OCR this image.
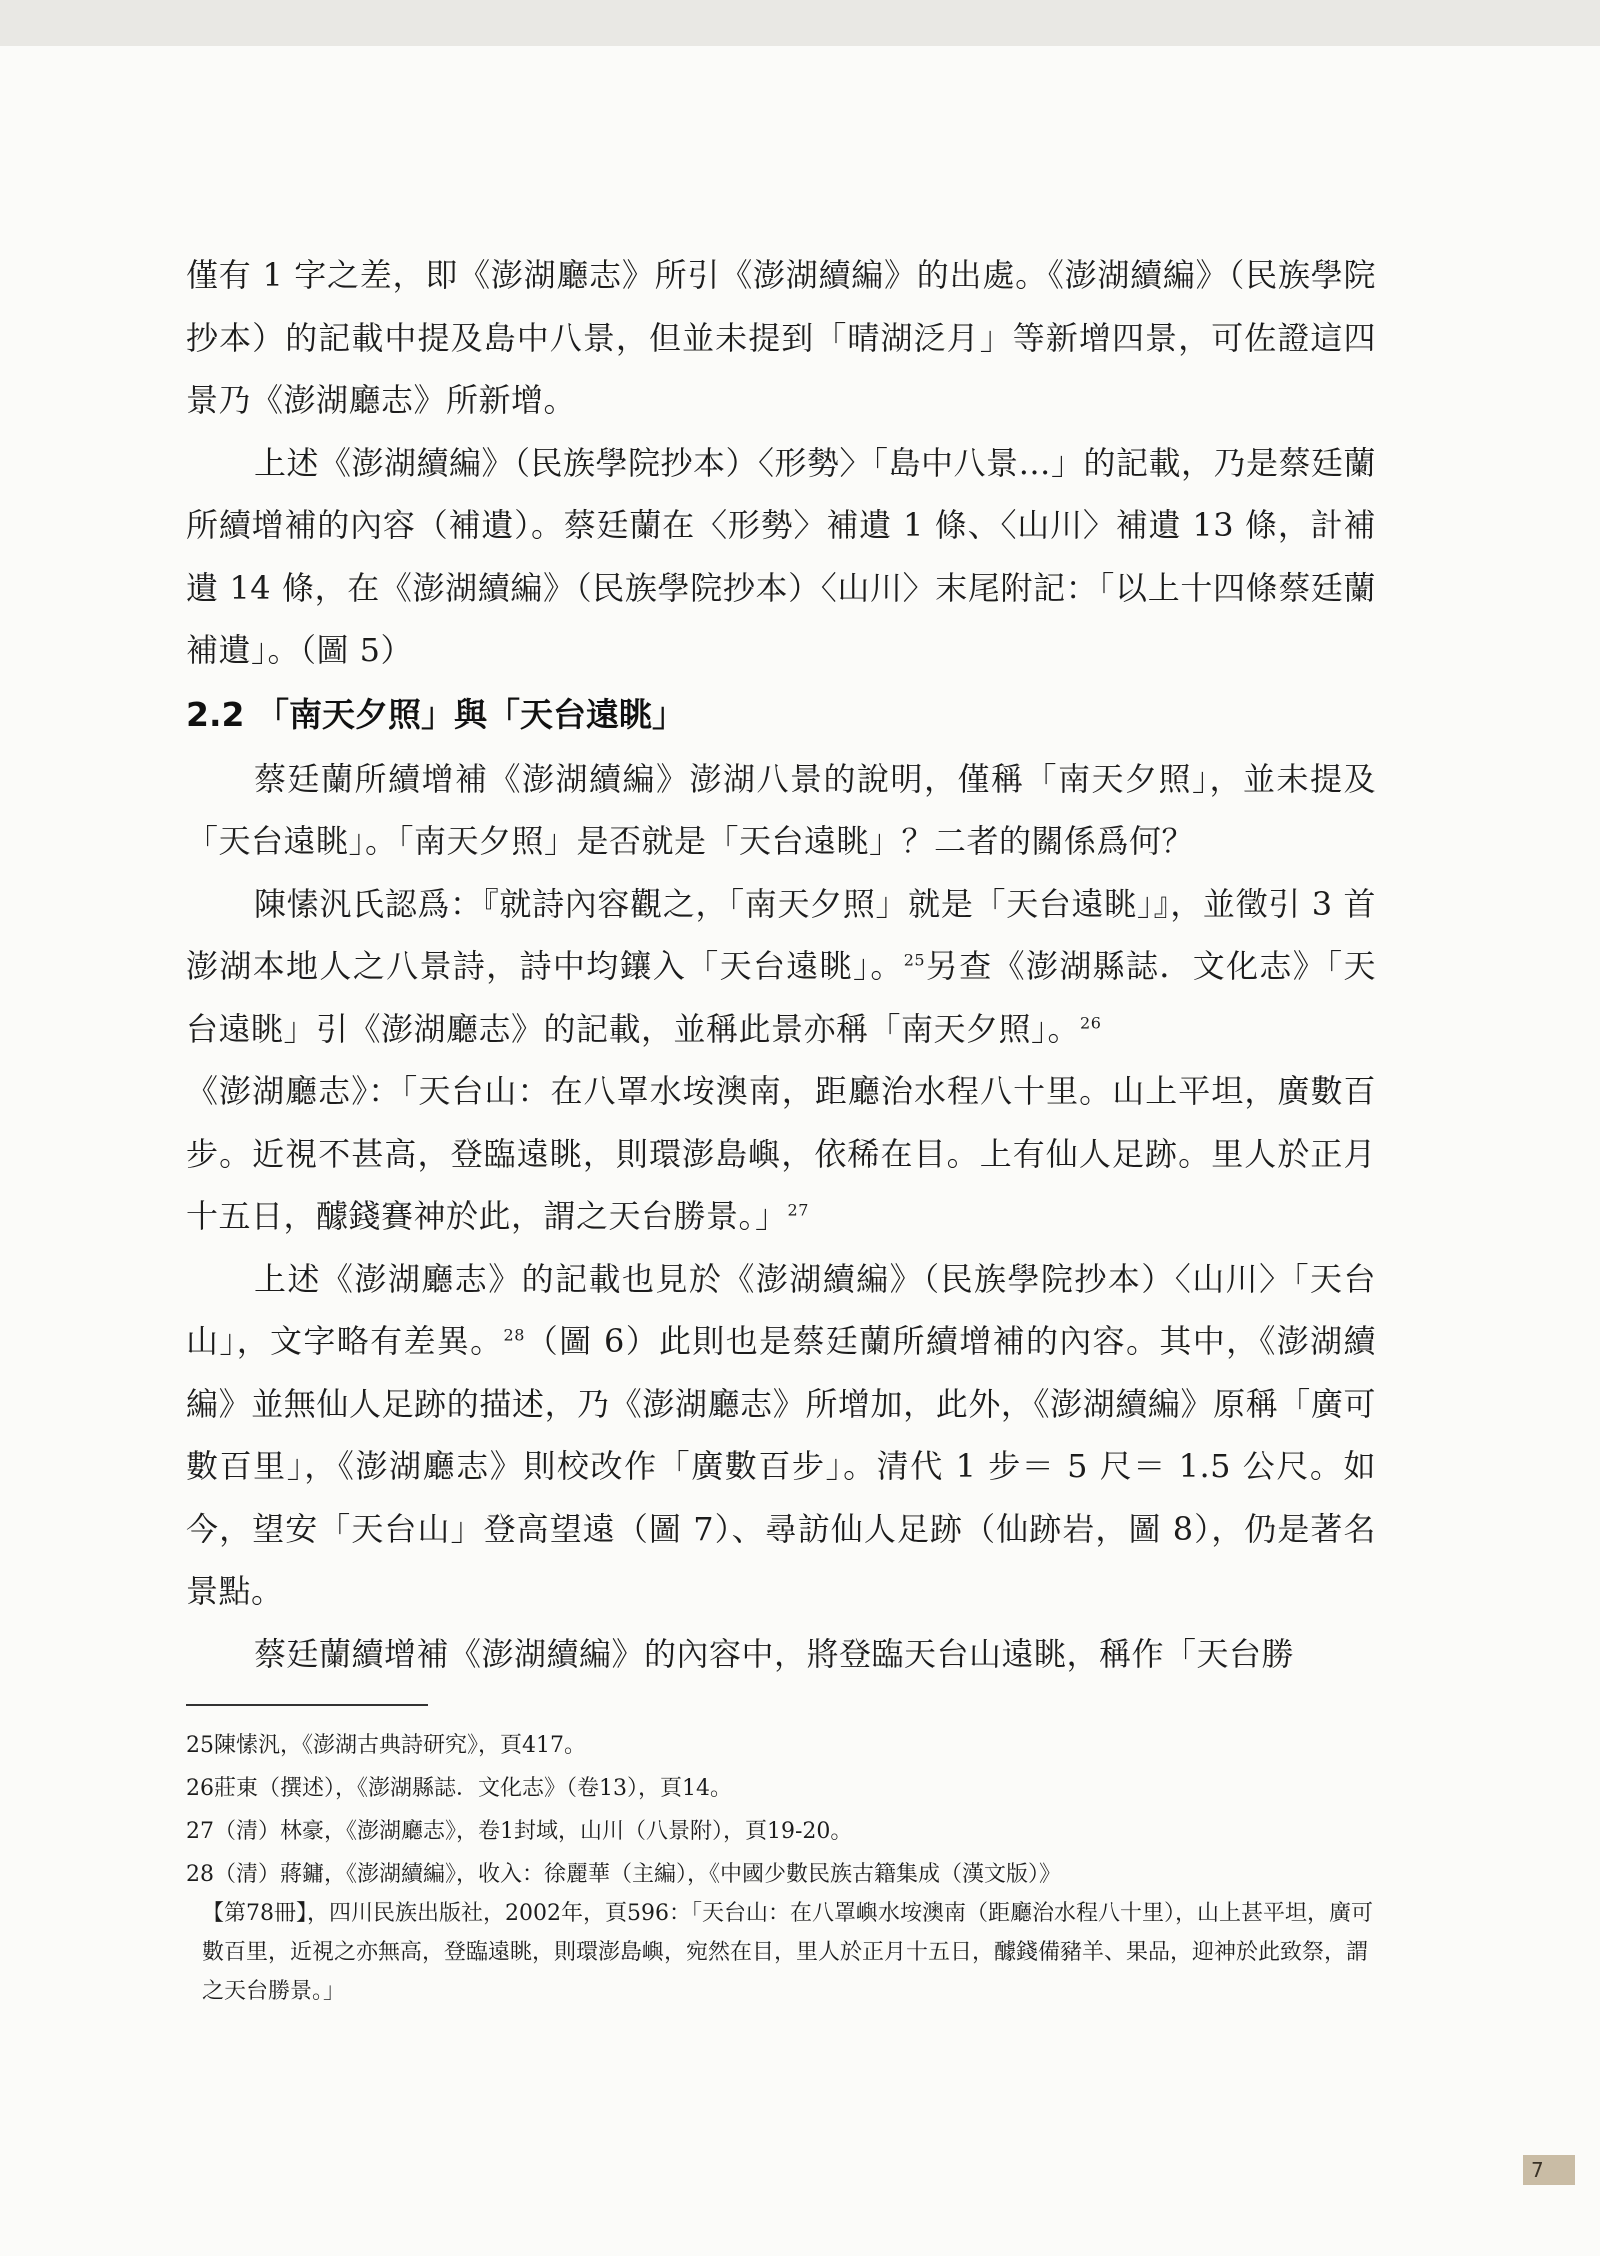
僅有 1 字之差，即《澎湖廳志》所引《澎湖續編》的出處。《澎湖續編》（民族學院抄本）的記載中提及島中八景，但並未提到「晴湖泛月」等新增四景，可佐證這四景乃《澎湖廳志》所新增。

上述《澎湖續編》（民族學院抄本）〈形勢〉「島中八景…」的記載，乃是蔡廷蘭所續增補的內容（補遺）。蔡廷蘭在〈形勢〉補遺 1 條、〈山川〉補遺 13 條，計補遺 14 條，在《澎湖續編》（民族學院抄本）〈山川〉末尾附記：「以上十四條蔡廷蘭補遺」。（圖 5）

2.2 「南天夕照」與「天台遠眺」

蔡廷蘭所續增補《澎湖續編》澎湖八景的說明，僅稱「南天夕照」，並未提及「天台遠眺」。「南天夕照」是否就是「天台遠眺」？二者的關係爲何？

陳愫汎氏認爲：『就詩內容觀之，「南天夕照」就是「天台遠眺」』，並徵引 3 首澎湖本地人之八景詩，詩中均鑲入「天台遠眺」。$^{25}$另查《澎湖縣誌．文化志》「天台遠眺」引《澎湖廳志》的記載，並稱此景亦稱「南天夕照」。$^{26}$

《澎湖廳志》：「天台山：在八罩水垵澳南，距廳治水程八十里。山上平坦，廣數百步。近視不甚高，登臨遠眺，則環澎島嶼，依稀在目。上有仙人足跡。里人於正月十五日，醵錢賽神於此，謂之天台勝景。」$^{27}$

上述《澎湖廳志》的記載也見於《澎湖續編》（民族學院抄本）〈山川〉「天台山」，文字略有差異。$^{28}$（圖 6）此則也是蔡廷蘭所續增補的內容。其中，《澎湖續編》並無仙人足跡的描述，乃《澎湖廳志》所增加，此外，《澎湖續編》原稱「廣可數百里」，《澎湖廳志》則校改作「廣數百步」。清代 1 步＝ 5 尺＝ 1.5 公尺。如今，望安「天台山」登高望遠（圖 7）、尋訪仙人足跡（仙跡岩，圖 8），仍是著名景點。

蔡廷蘭續增補《澎湖續編》的內容中，將登臨天台山遠眺，稱作「天台勝

25陳愫汎，《澎湖古典詩研究》，頁417。

26莊東（撰述），《澎湖縣誌．文化志》（卷13），頁14。

27（清）林豪，《澎湖廳志》，卷1封域，山川（八景附），頁19-20。

28（清）蔣鏞，《澎湖續編》，收入：徐麗華（主編），《中國少數民族古籍集成（漢文版）》
【第78冊】，四川民族出版社，2002年，頁596：「天台山：在八罩嶼水垵澳南（距廳治水程八十里），山上甚平坦，廣可數百里，近視之亦無高，登臨遠眺，則環澎島嶼，宛然在目，里人於正月十五日，醵錢備豬羊、果品，迎神於此致祭，謂之天台勝景。」

7
